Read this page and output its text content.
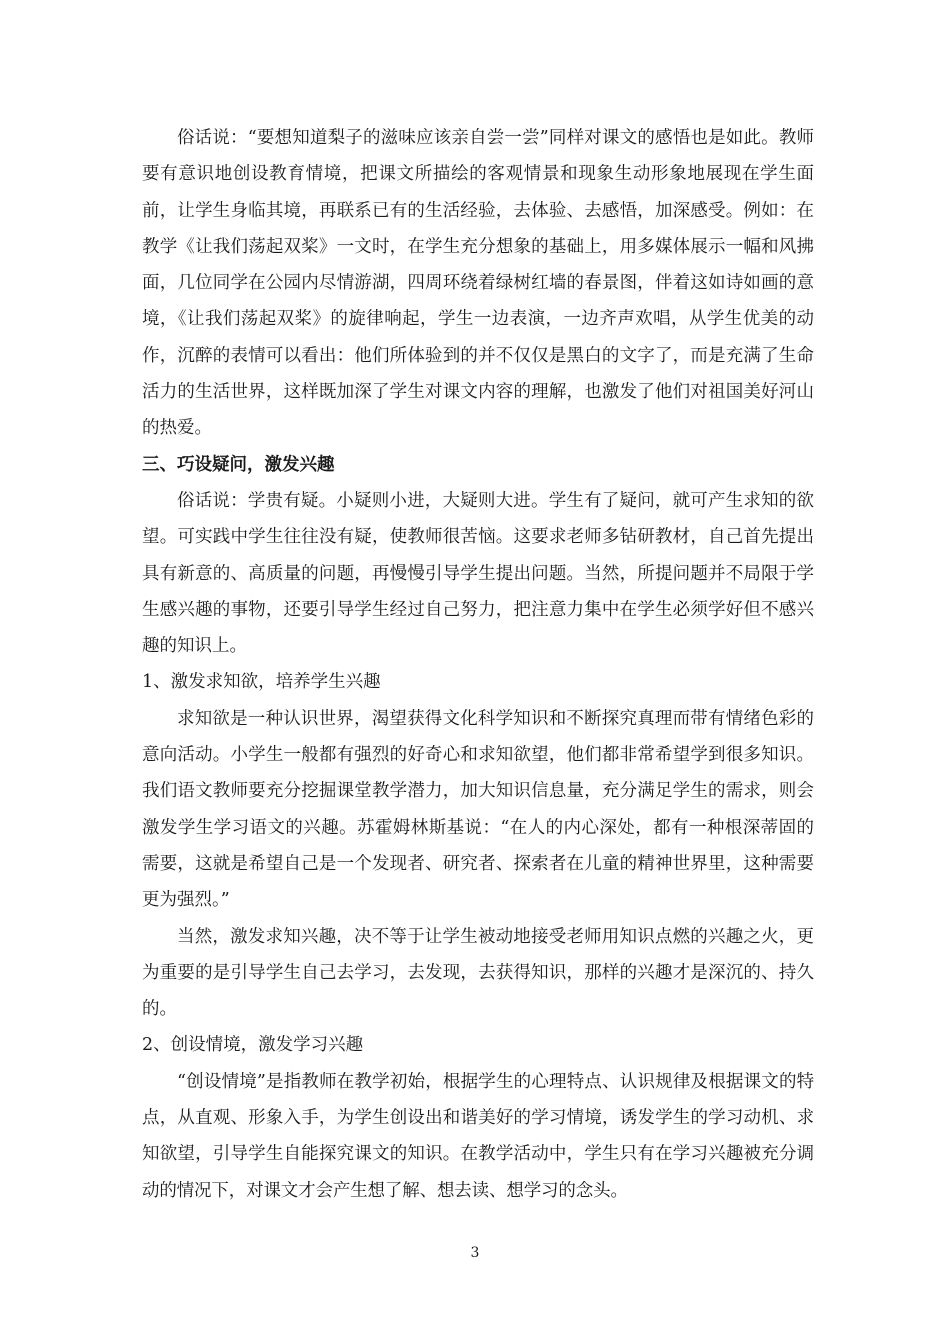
俗话说：“要想知道梨子的滋味应该亲自尝一尝”同样对课文的感悟也是如此。教师要有意识地创设教育情境，把课文所描绘的客观情景和现象生动形象地展现在学生面前，让学生身临其境，再联系已有的生活经验，去体验、去感悟，加深感受。例如：在教学《让我们荡起双桨》一文时，在学生充分想象的基础上，用多媒体展示一幅和风拂面，几位同学在公园内尽情游湖，四周环绕着绿树红墙的春景图，伴着这如诗如画的意境，《让我们荡起双桨》的旋律响起，学生一边表演，一边齐声欢唱，从学生优美的动作，沉醉的表情可以看出：他们所体验到的并不仅仅是黑白的文字了，而是充满了生命活力的生活世界，这样既加深了学生对课文内容的理解，也激发了他们对祖国美好河山的热爱。

三、巧设疑问，激发兴趣

俗话说：学贵有疑。小疑则小进，大疑则大进。学生有了疑问，就可产生求知的欲望。可实践中学生往往没有疑，使教师很苦恼。这要求老师多钻研教材，自己首先提出具有新意的、高质量的问题，再慢慢引导学生提出问题。当然，所提问题并不局限于学生感兴趣的事物，还要引导学生经过自己努力，把注意力集中在学生必须学好但不感兴趣的知识上。

1、激发求知欲，培养学生兴趣

求知欲是一种认识世界，渴望获得文化科学知识和不断探究真理而带有情绪色彩的意向活动。小学生一般都有强烈的好奇心和求知欲望，他们都非常希望学到很多知识。我们语文教师要充分挖掘课堂教学潜力，加大知识信息量，充分满足学生的需求，则会激发学生学习语文的兴趣。苏霍姆林斯基说：“在人的内心深处，都有一种根深蒂固的需要，这就是希望自己是一个发现者、研究者、探索者在儿童的精神世界里，这种需要更为强烈。”

当然，激发求知兴趣，决不等于让学生被动地接受老师用知识点燃的兴趣之火，更为重要的是引导学生自己去学习，去发现，去获得知识，那样的兴趣才是深沉的、持久的。

2、创设情境，激发学习兴趣

“创设情境”是指教师在教学初始，根据学生的心理特点、认识规律及根据课文的特点，从直观、形象入手，为学生创设出和谐美好的学习情境，诱发学生的学习动机、求知欲望，引导学生自能探究课文的知识。在教学活动中，学生只有在学习兴趣被充分调动的情况下，对课文才会产生想了解、想去读、想学习的念头。

3
